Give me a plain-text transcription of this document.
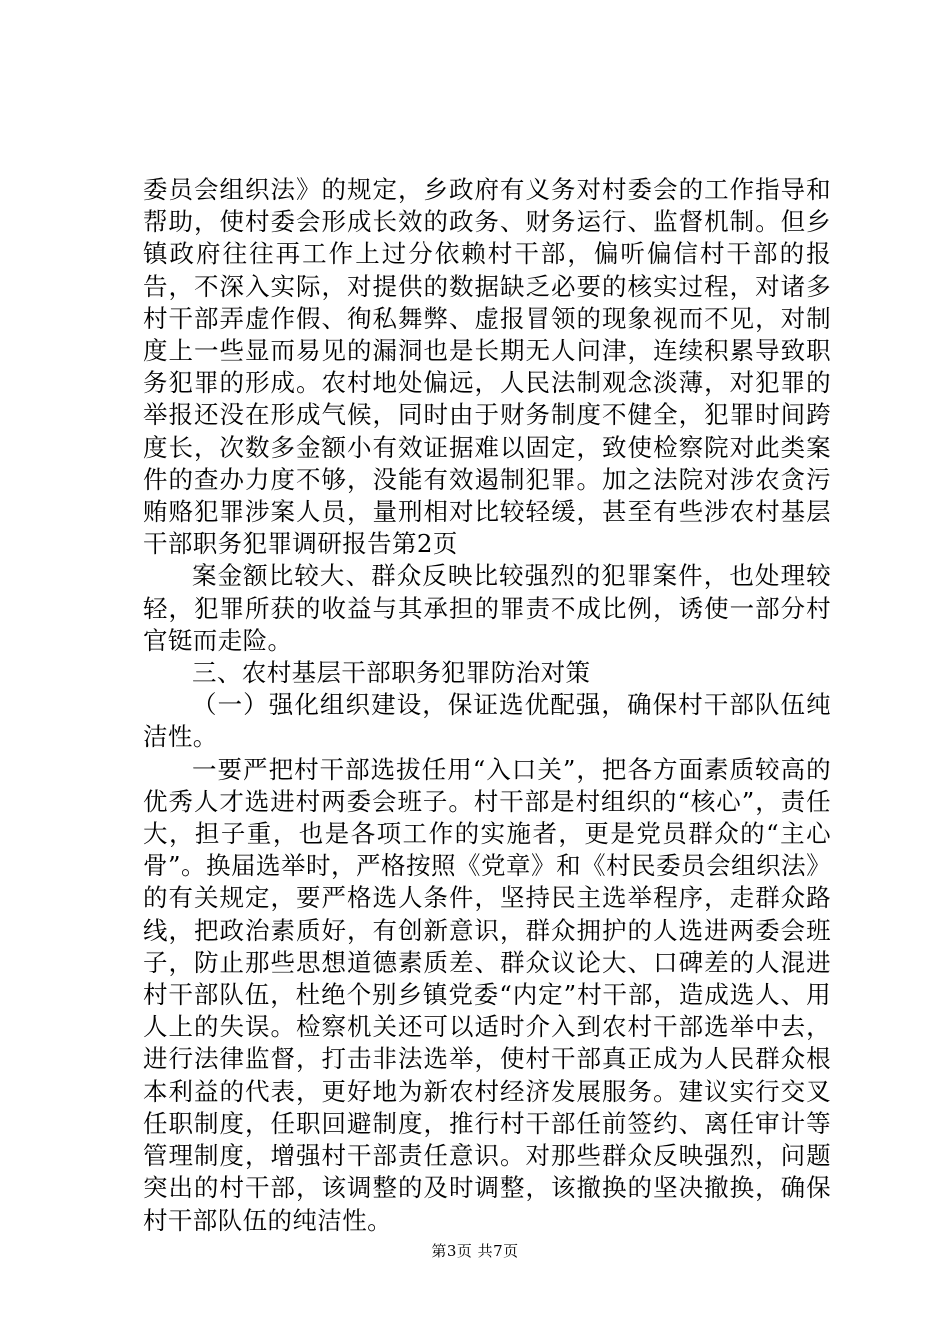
委员会组织法》的规定，乡政府有义务对村委会的工作指导和帮助，使村委会形成长效的政务、财务运行、监督机制。但乡镇政府往往再工作上过分依赖村干部，偏听偏信村干部的报告，不深入实际，对提供的数据缺乏必要的核实过程，对诸多村干部弄虚作假、徇私舞弊、虚报冒领的现象视而不见，对制度上一些显而易见的漏洞也是长期无人问津，连续积累导致职务犯罪的形成。农村地处偏远，人民法制观念淡薄，对犯罪的举报还没在形成气候，同时由于财务制度不健全，犯罪时间跨度长，次数多金额小有效证据难以固定，致使检察院对此类案件的查办力度不够，没能有效遏制犯罪。加之法院对涉农贪污贿赂犯罪涉案人员，量刑相对比较轻缓，甚至有些涉农村基层干部职务犯罪调研报告第2页

案金额比较大、群众反映比较强烈的犯罪案件，也处理较轻，犯罪所获的收益与其承担的罪责不成比例，诱使一部分村官铤而走险。

三、农村基层干部职务犯罪防治对策

（一）强化组织建设，保证选优配强，确保村干部队伍纯洁性。

一要严把村干部选拔任用“入口关”，把各方面素质较高的优秀人才选进村两委会班子。村干部是村组织的“核心”，责任大，担子重，也是各项工作的实施者，更是党员群众的“主心骨”。换届选举时，严格按照《党章》和《村民委员会组织法》的有关规定，要严格选人条件，坚持民主选举程序，走群众路线，把政治素质好，有创新意识，群众拥护的人选进两委会班子，防止那些思想道德素质差、群众议论大、口碑差的人混进村干部队伍，杜绝个别乡镇党委“内定”村干部，造成选人、用人上的失误。检察机关还可以适时介入到农村干部选举中去，进行法律监督，打击非法选举，使村干部真正成为人民群众根本利益的代表，更好地为新农村经济发展服务。建议实行交叉任职制度，任职回避制度，推行村干部任前签约、离任审计等管理制度，增强村干部责任意识。对那些群众反映强烈，问题突出的村干部，该调整的及时调整，该撤换的坚决撤换，确保村干部队伍的纯洁性。

第3页 共7页
